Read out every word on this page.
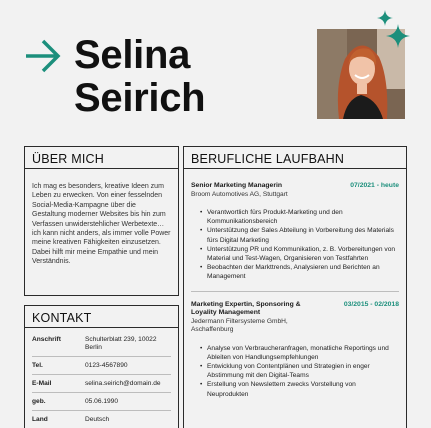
Selina
Seirich
ÜBER MICH
Ich mag es besonders, kreative Ideen zum Leben zu erwecken. Von einer fesselnden Social-Media-Kampagne über die Gestaltung moderner Websites bis hin zum Verfassen unwiderstehlicher Werbetexte… ich kann nicht anders, als immer volle Power meine kreativen Fähigkeiten einzusetzen. Dabei hilft mir meine Empathie und mein Verständnis.
KONTAKT
Anschrift	Schulterblatt 239, 10022 Berlin
Tel.	0123-4567890
E-Mail	selina.seirich@domain.de
geb.	05.06.1990
Land	Deutsch
BERUFLICHE LAUFBAHN
Senior Marketing Managerin	07/2021 - heute
Broom Automotives AG, Stuttgart
• Verantwortlich fürs Produkt-Marketing und den Kommunikationsbereich
• Unterstützung der Sales Abteilung in Vorbereitung des Materials fürs Digital Marketing
• Unterstützung PR und Kommunikation, z. B. Vorbereitungen von Material und Test-Wagen, Organisieren von Testfahrten
• Beobachten der Markttrends, Analysieren und Berichten an Management
Marketing Expertin, Sponsoring & Loyality Management
03/2015 - 02/2018
Jedermann Filtersysteme GmbH, Aschaffenburg
• Analyse von Verbraucheranfragen, monatliche Reportings und Ableiten von Handlungsempfehlungen
• Entwicklung von Contentplänen und Strategien in enger Abstimmung mit den Digital-Teams
• Erstellung von Newslettern zwecks Vorstellung von Neuprodukten
